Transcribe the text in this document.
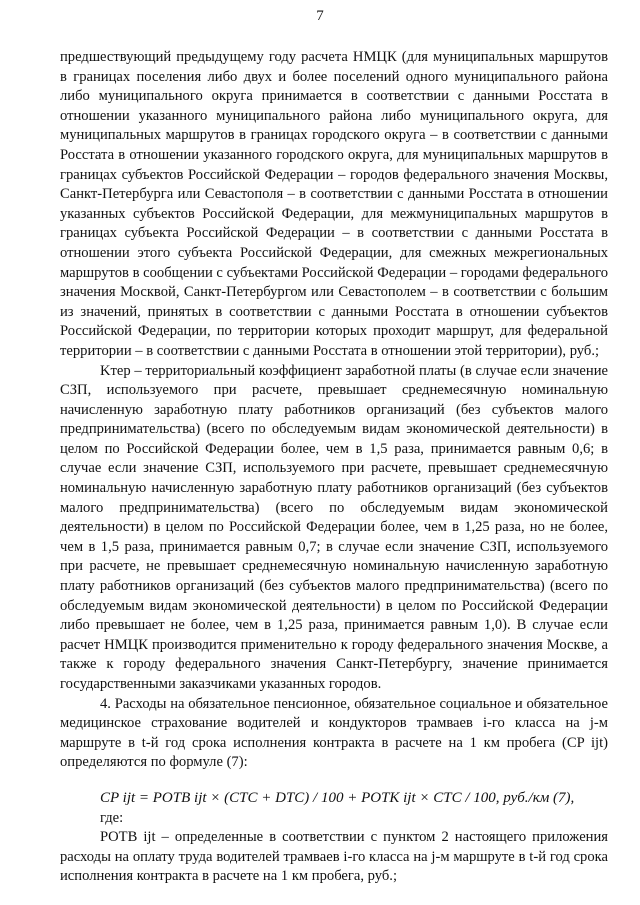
7

предшествующий предыдущему году расчета НМЦК (для муниципальных маршрутов в границах поселения либо двух и более поселений одного муниципального района либо муниципального округа принимается в соответствии с данными Росстата в отношении указанного муниципального района либо муниципального округа, для муниципальных маршрутов в границах городского округа – в соответствии с данными Росстата в отношении указанного городского округа, для муниципальных маршрутов в границах субъектов Российской Федерации – городов федерального значения Москвы, Санкт-Петербурга или Севастополя – в соответствии с данными Росстата в отношении указанных субъектов Российской Федерации, для межмуниципальных маршрутов в границах субъекта Российской Федерации – в соответствии с данными Росстата в отношении этого субъекта Российской Федерации, для смежных межрегиональных маршрутов в сообщении с субъектами Российской Федерации – городами федерального значения Москвой, Санкт-Петербургом или Севастополем – в соответствии с большим из значений, принятых в соответствии с данными Росстата в отношении субъектов Российской Федерации, по территории которых проходит маршрут, для федеральной территории – в соответствии с данными Росстата в отношении этой территории), руб.;

Kтер – территориальный коэффициент заработной платы (в случае если значение СЗП, используемого при расчете, превышает среднемесячную номинальную начисленную заработную плату работников организаций (без субъектов малого предпринимательства) (всего по обследуемым видам экономической деятельности) в целом по Российской Федерации более, чем в 1,5 раза, принимается равным 0,6; в случае если значение СЗП, используемого при расчете, превышает среднемесячную номинальную начисленную заработную плату работников организаций (без субъектов малого предпринимательства) (всего по обследуемым видам экономической деятельности) в целом по Российской Федерации более, чем в 1,25 раза, но не более, чем в 1,5 раза, принимается равным 0,7; в случае если значение СЗП, используемого при расчете, не превышает среднемесячную номинальную начисленную заработную плату работников организаций (без субъектов малого предпринимательства) (всего по обследуемым видам экономической деятельности) в целом по Российской Федерации либо превышает не более, чем в 1,25 раза, принимается равным 1,0). В случае если расчет НМЦК производится применительно к городу федерального значения Москве, а также к городу федерального значения Санкт-Петербургу, значение принимается государственными заказчиками указанных городов.

4. Расходы на обязательное пенсионное, обязательное социальное и обязательное медицинское страхование водителей и кондукторов трамваев i-го класса на j-м маршруте в t-й год срока исполнения контракта в расчете на 1 км пробега (CP ijt) определяются по формуле (7):

CP ijt = PОТВ ijt × (CТС + DТС) / 100 + PОТК ijt × CТС / 100, руб./км (7),

где:

PОТВ ijt – определенные в соответствии с пунктом 2 настоящего приложения расходы на оплату труда водителей трамваев i-го класса на j-м маршруте в t-й год срока исполнения контракта в расчете на 1 км пробега, руб.;
